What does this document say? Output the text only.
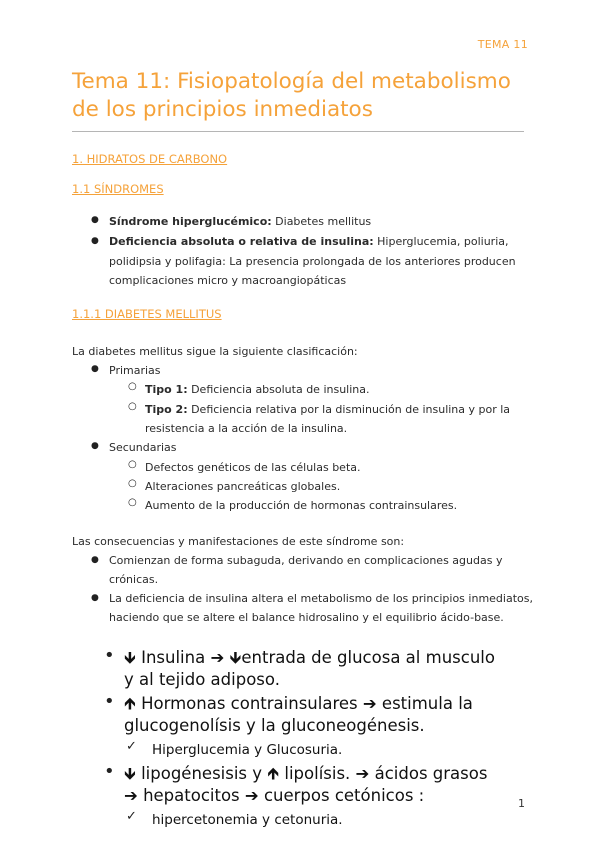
TEMA 11
Tema 11: Fisiopatología del metabolismo de los principios inmediatos
1. HIDRATOS DE CARBONO
1.1 SÍNDROMES
● Síndrome hiperglucémico: Diabetes mellitus
● Deficiencia absoluta o relativa de insulina: Hiperglucemia, poliuria,
polidipsia y polifagia: La presencia prolongada de los anteriores producen
complicaciones micro y macroangiopáticas
1.1.1 DIABETES MELLITUS
La diabetes mellitus sigue la siguiente clasificación:
● Primarias
○ Tipo 1: Deficiencia absoluta de insulina.
○ Tipo 2: Deficiencia relativa por la disminución de insulina y por la
resistencia a la acción de la insulina.
● Secundarias
○ Defectos genéticos de las células beta.
○ Alteraciones pancreáticas globales.
○ Aumento de la producción de hormonas contrainsulares.
Las consecuencias y manifestaciones de este síndrome son:
● Comienzan de forma subaguda, derivando en complicaciones agudas y
crónicas.
● La deficiencia de insulina altera el metabolismo de los principios inmediatos,
haciendo que se altere el balance hidrosalino y el equilibrio ácido-base.
• 🡻 Insulina ➔ 🡻entrada de glucosa al musculo
y al tejido adiposo.
• 🡹 Hormonas contrainsulares ➔ estimula la
glucogenolísis y la gluconeogénesis.
✓ Hiperglucemia y Glucosuria.
• 🡻 lipogénesisis y 🡹 lipolísis. ➔ ácidos grasos
➔ hepatocitos ➔ cuerpos cetónicos :
✓ hipercetonemia y cetonuria.
1
